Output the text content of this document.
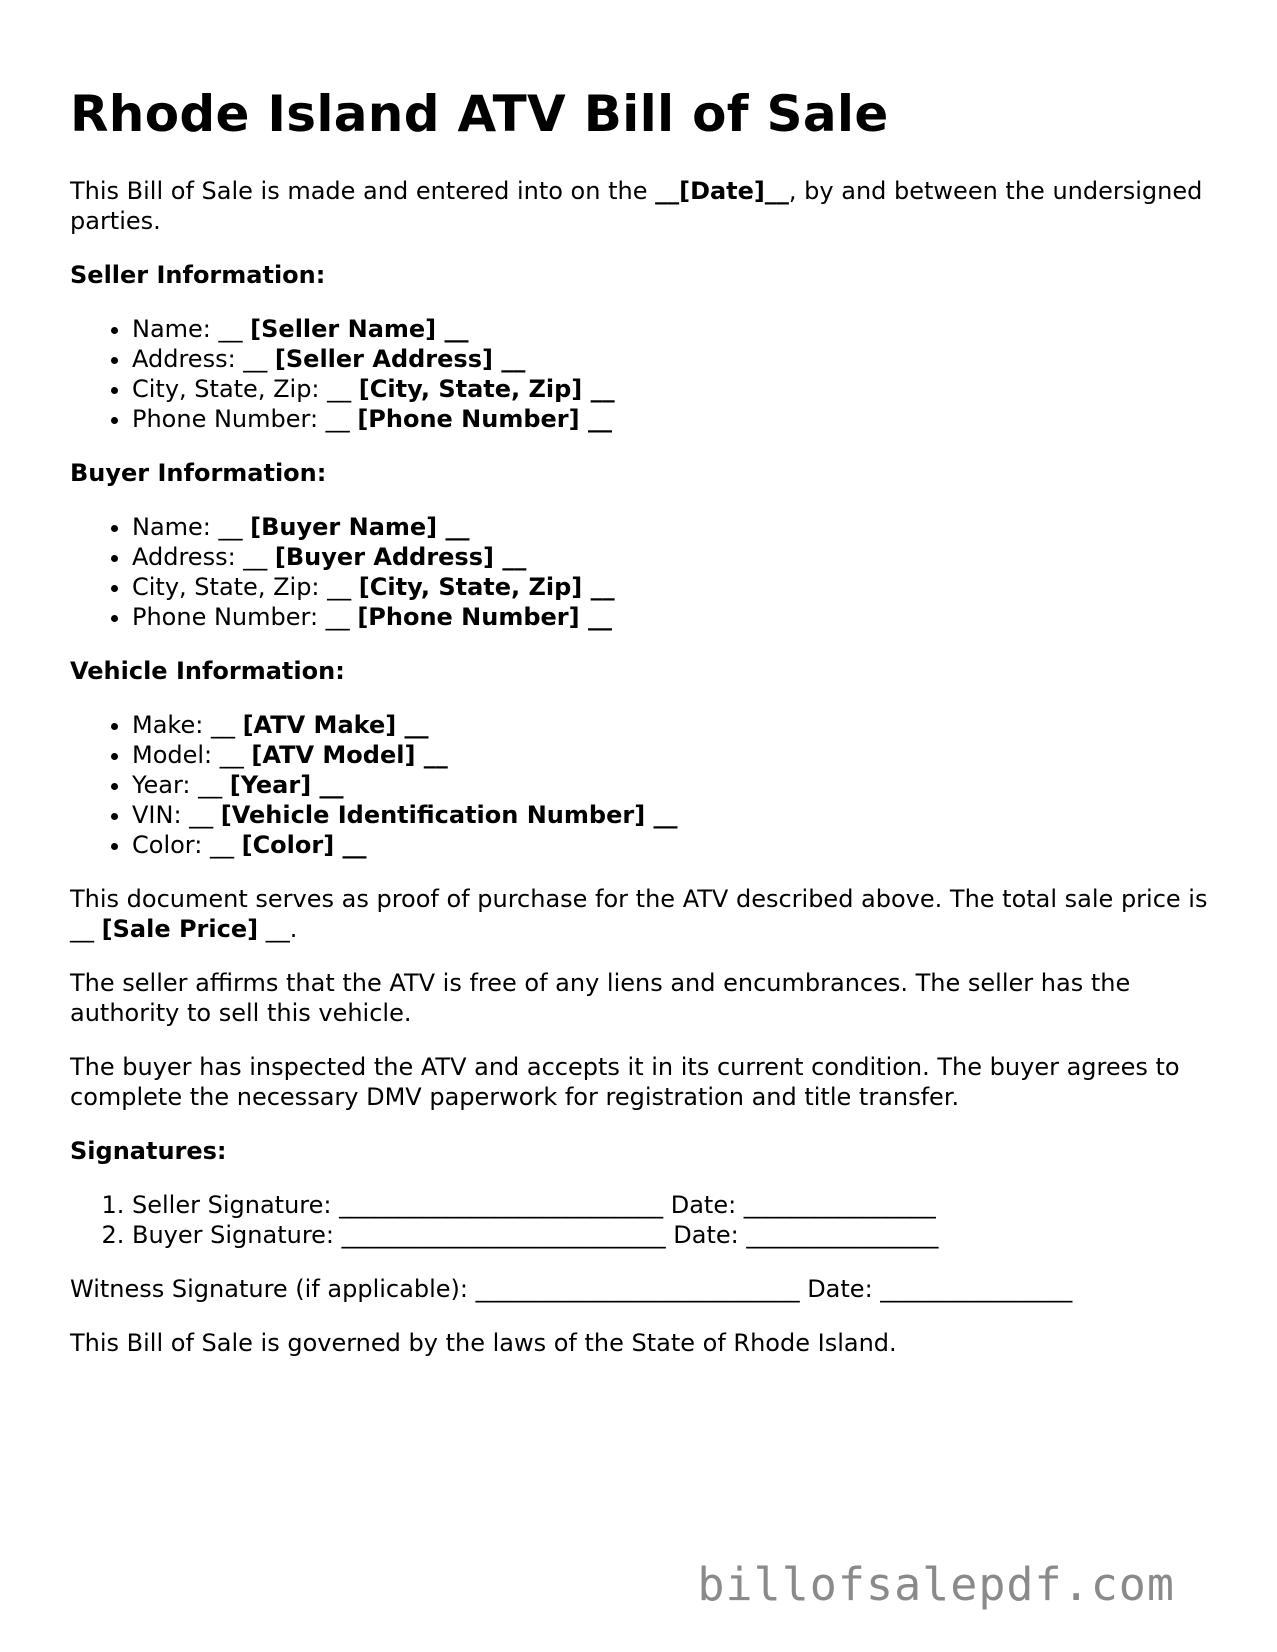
Rhode Island ATV Bill of Sale

This Bill of Sale is made and entered into on the __[Date]__, by and between the undersigned parties.

Seller Information:
• Name: __ [Seller Name] __
• Address: __ [Seller Address] __
• City, State, Zip: __ [City, State, Zip] __
• Phone Number: __ [Phone Number] __
Buyer Information:
• Name: __ [Buyer Name] __
• Address: __ [Buyer Address] __
• City, State, Zip: __ [City, State, Zip] __
• Phone Number: __ [Phone Number] __
Vehicle Information:
• Make: __ [ATV Make] __
• Model: __ [ATV Model] __
• Year: __ [Year] __
• VIN: __ [Vehicle Identification Number] __
• Color: __ [Color] __

This document serves as proof of purchase for the ATV described above. The total sale price is __ [Sale Price] __.

The seller affirms that the ATV is free of any liens and encumbrances. The seller has the authority to sell this vehicle.

The buyer has inspected the ATV and accepts it in its current condition. The buyer agrees to complete the necessary DMV paperwork for registration and title transfer.

Signatures:
1. Seller Signature: ___________________________ Date: ________________
2. Buyer Signature: ___________________________ Date: ________________

Witness Signature (if applicable): ___________________________ Date: ________________

This Bill of Sale is governed by the laws of the State of Rhode Island.

billofsalepdf.com
